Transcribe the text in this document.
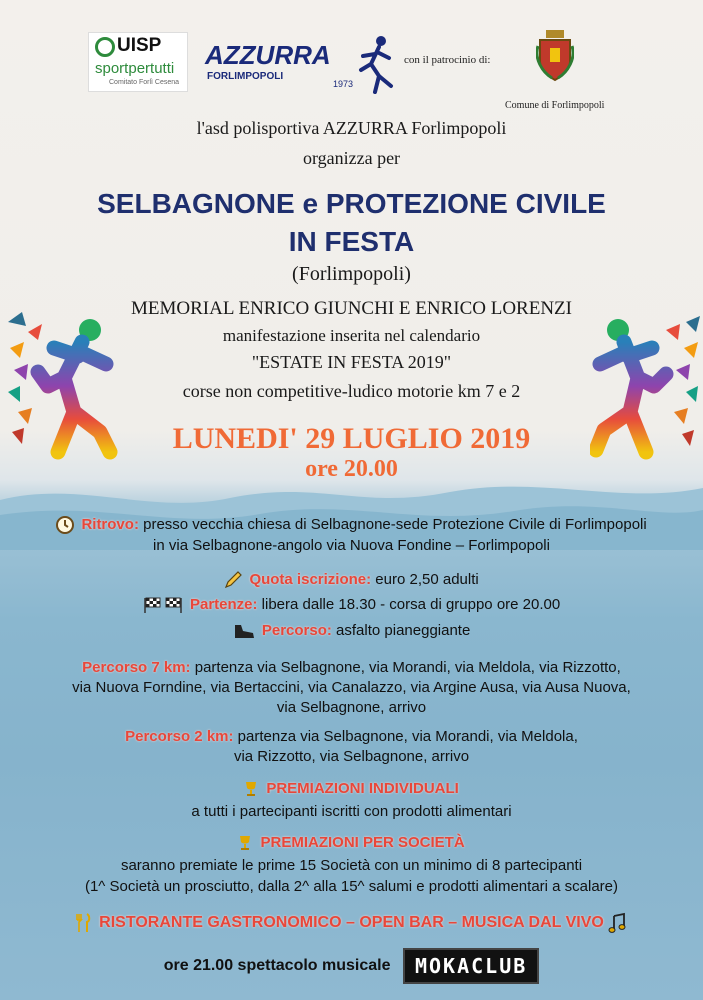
UISP
sportpertutti
Comitato Forlì Cesena
AZZURRA
FORLIMPOPOLI
1973
con il patrocinio di:
Comune di Forlimpopoli
l'asd polisportiva AZZURRA Forlimpopoli
organizza per
SELBAGNONE e PROTEZIONE CIVILE
IN FESTA
(Forlimpopoli)
MEMORIAL ENRICO GIUNCHI E ENRICO LORENZI
manifestazione inserita nel calendario
"ESTATE IN FESTA 2019"
corse non competitive-ludico motorie km 7 e 2
LUNEDI' 29 LUGLIO 2019
ore 20.00
Ritrovo: presso vecchia chiesa di Selbagnone-sede Protezione Civile di Forlimpopoli
in via Selbagnone-angolo via Nuova Fondine – Forlimpopoli
Quota iscrizione: euro 2,50 adulti
Partenze: libera dalle 18.30 - corsa di gruppo ore 20.00
Percorso: asfalto pianeggiante
Percorso 7 km: partenza via Selbagnone, via Morandi, via Meldola, via Rizzotto,
via Nuova Forndine, via Bertaccini, via Canalazzo, via Argine Ausa, via Ausa Nuova,
via Selbagnone, arrivo
Percorso 2 km: partenza via Selbagnone, via Morandi, via Meldola,
via Rizzotto, via Selbagnone, arrivo
PREMIAZIONI INDIVIDUALI
a tutti i partecipanti iscritti con prodotti alimentari
PREMIAZIONI PER SOCIETÀ
saranno premiate le prime 15 Società con un minimo di 8 partecipanti
(1^ Società un prosciutto, dalla 2^ alla 15^ salumi e prodotti alimentari a scalare)
RISTORANTE GASTRONOMICO – OPEN BAR – MUSICA DAL VIVO
ore 21.00 spettacolo musicale MOKACLUB
